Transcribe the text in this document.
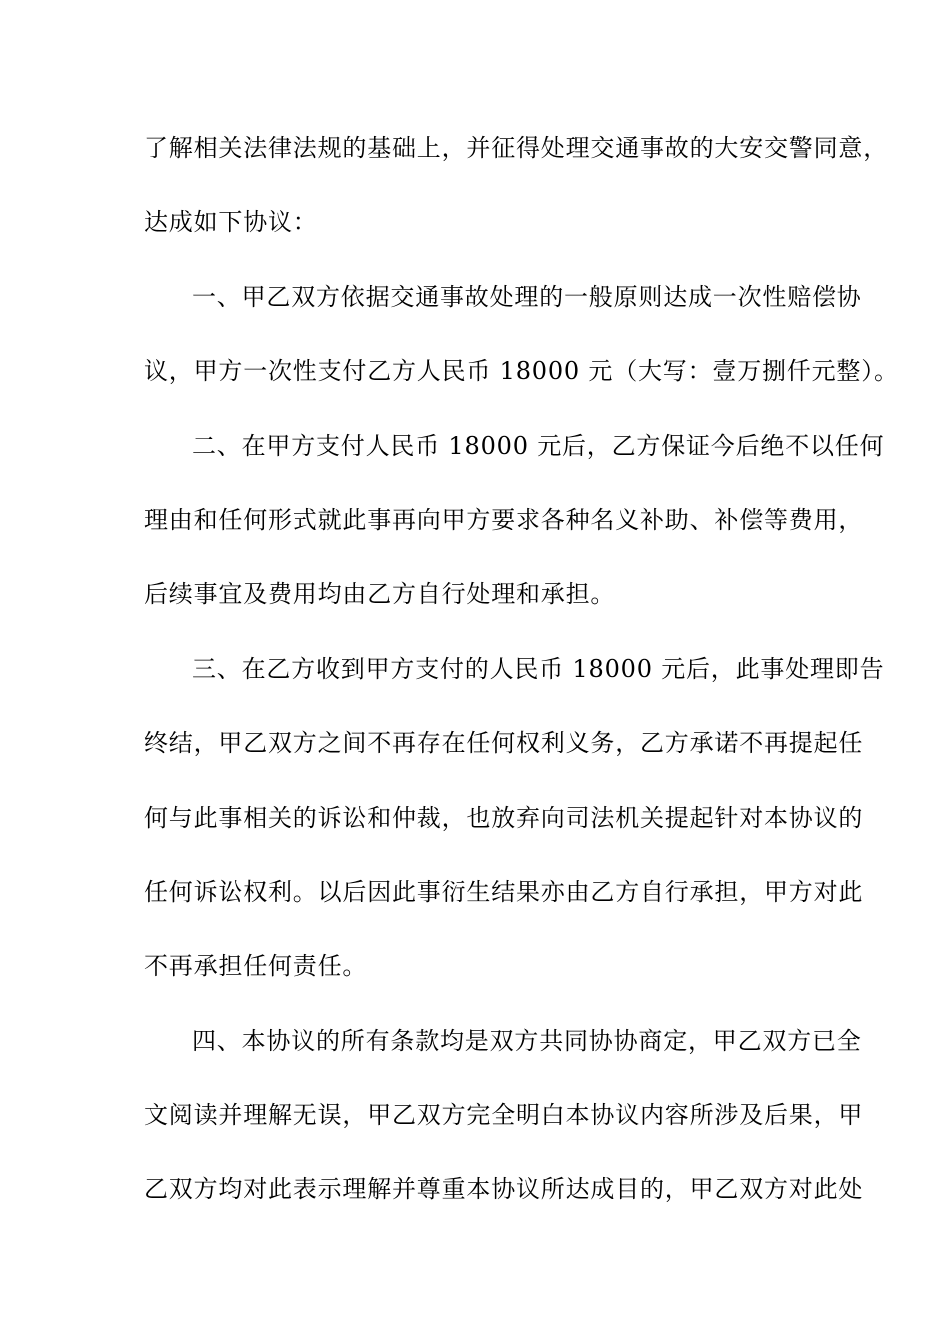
了解相关法律法规的基础上，并征得处理交通事故的大安交警同意，
达成如下协议：
一、甲乙双方依据交通事故处理的一般原则达成一次性赔偿协
议，甲方一次性支付乙方人民币 18000 元（大写：壹万捌仟元整）。
二、在甲方支付人民币 18000 元后，乙方保证今后绝不以任何
理由和任何形式就此事再向甲方要求各种名义补助、补偿等费用，
后续事宜及费用均由乙方自行处理和承担。
三、在乙方收到甲方支付的人民币 18000 元后，此事处理即告
终结，甲乙双方之间不再存在任何权利义务，乙方承诺不再提起任
何与此事相关的诉讼和仲裁，也放弃向司法机关提起针对本协议的
任何诉讼权利。以后因此事衍生结果亦由乙方自行承担，甲方对此
不再承担任何责任。
四、本协议的所有条款均是双方共同协协商定，甲乙双方已全
文阅读并理解无误，甲乙双方完全明白本协议内容所涉及后果，甲
乙双方均对此表示理解并尊重本协议所达成目的，甲乙双方对此处
